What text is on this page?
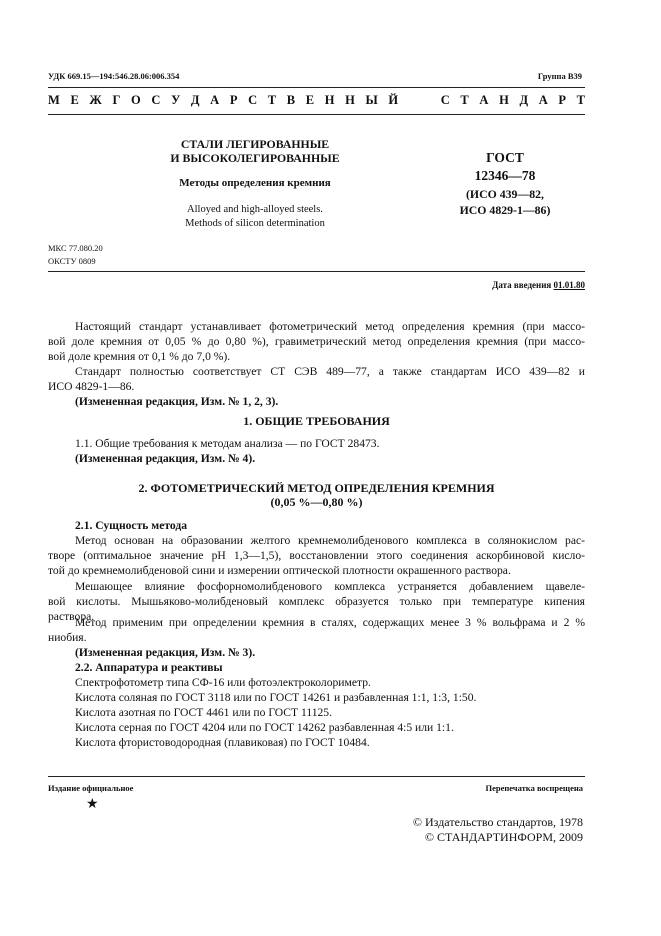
УДК 669.15—194:546.28.06:006.354	Группа В39
М Е Ж Г О С У Д А Р С Т В Е Н Н Ы Й    С Т А Н Д А Р Т
СТАЛИ ЛЕГИРОВАННЫЕ
И ВЫСОКОЛЕГИРОВАННЫЕ
Методы определения кремния
Alloyed and high-alloyed steels.
Methods of silicon determination
ГОСТ
12346—78
(ИСО 439—82,
ИСО 4829-1—86)
МКС 77.080.20
ОКСТУ 0809
Дата введения 01.01.80
Настоящий стандарт устанавливает фотометрический метод определения кремния (при массо-
вой доле кремния от 0,05 % до 0,80 %), гравиметрический метод определения кремния (при массо-
вой доле кремния от 0,1 % до 7,0 %).
Стандарт полностью соответствует СТ СЭВ 489—77, а также стандартам ИСО 439—82 и
ИСО 4829-1—86.
(Измененная редакция, Изм. № 1, 2, 3).
1. ОБЩИЕ ТРЕБОВАНИЯ
1.1. Общие требования к методам анализа — по ГОСТ 28473.
(Измененная редакция, Изм. № 4).
2. ФОТОМЕТРИЧЕСКИЙ МЕТОД ОПРЕДЕЛЕНИЯ КРЕМНИЯ
(0,05 %—0,80 %)
2.1. Сущность метода
Метод основан на образовании желтого кремнемолибденового комплекса в солянокислом рас-
творе (оптимальное значение рН 1,3—1,5), восстановлении этого соединения аскорбиновой кисло-
той до кремнемолибденовой сини и измерении оптической плотности окрашенного раствора.
Мешающее влияние фосфорномолибденового комплекса устраняется добавлением щавеле-
вой кислоты. Мышьяково-молибденовый комплекс образуется только при температуре кипения
раствора.
Метод применим при определении кремния в сталях, содержащих менее 3 % вольфрама и 2 %
ниобия.
(Измененная редакция, Изм. № 3).
2.2. Аппаратура и реактивы
Спектрофотометр типа СФ-16 или фотоэлектроколориметр.
Кислота соляная по ГОСТ 3118 или по ГОСТ 14261 и разбавленная 1:1, 1:3, 1:50.
Кислота азотная по ГОСТ 4461 или по ГОСТ 11125.
Кислота серная по ГОСТ 4204 или по ГОСТ 14262 разбавленная 4:5 или 1:1.
Кислота фтористоводородная (плавиковая) по ГОСТ 10484.
Издание официальное	Перепечатка воспрещена
★
© Издательство стандартов, 1978
© СТАНДАРТИНФОРМ, 2009
